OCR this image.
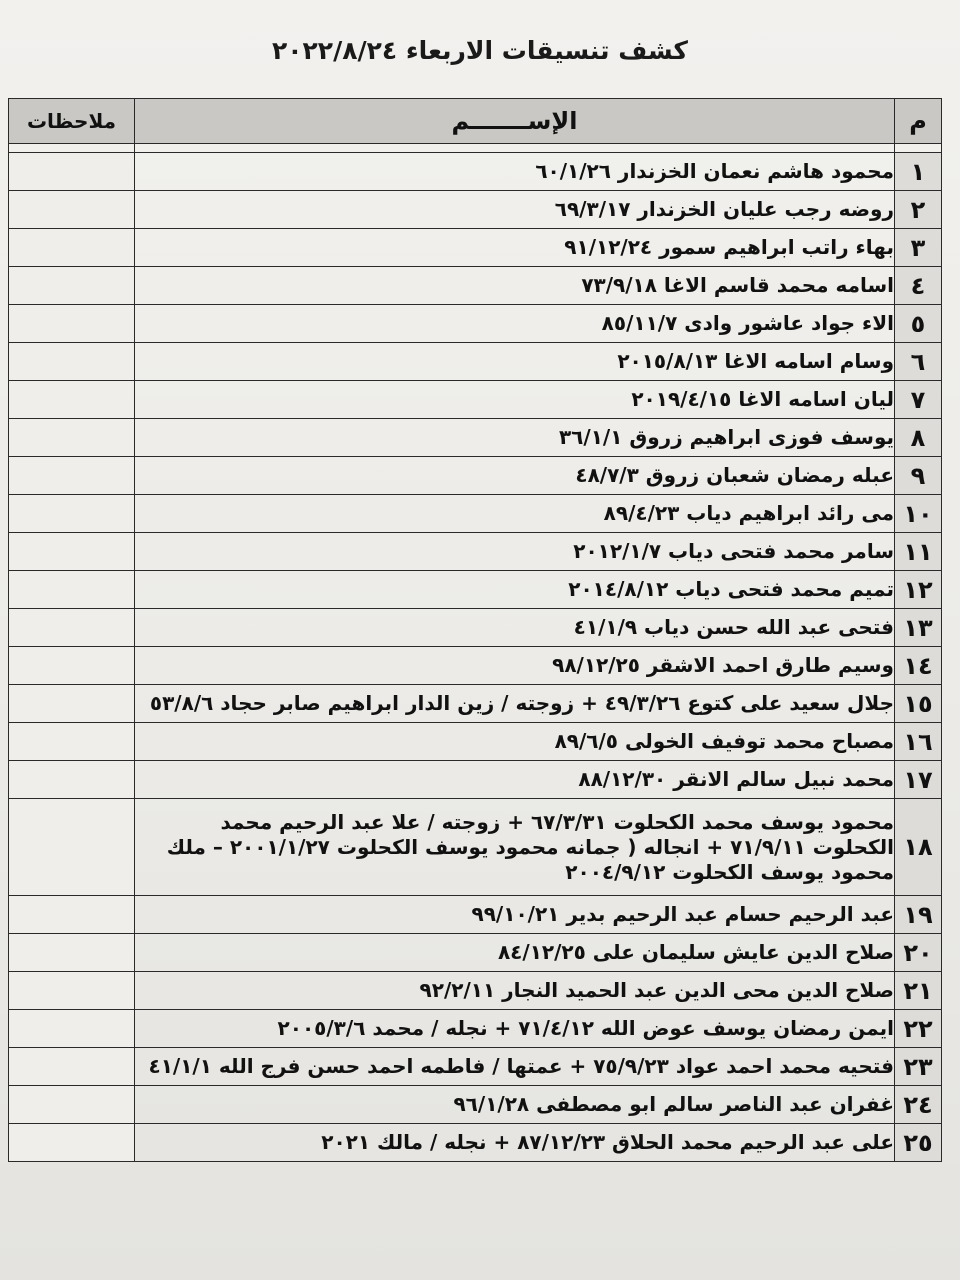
كشف تنسيقات الاربعاء ٢٠٢٢/٨/٢٤
م	الإســـــــم	ملاحظات

١	محمود هاشم نعمان الخزندار ٦٠/١/٢٦	
٢	روضه رجب عليان الخزندار ٦٩/٣/١٧	
٣	بهاء راتب ابراهيم سمور ٩١/١٢/٢٤	
٤	اسامه محمد قاسم الاغا ٧٣/٩/١٨	
٥	الاء جواد عاشور وادى ٨٥/١١/٧	
٦	وسام اسامه الاغا ٢٠١٥/٨/١٣	
٧	ليان اسامه الاغا ٢٠١٩/٤/١٥	
٨	يوسف فوزى ابراهيم زروق ٣٦/١/١	
٩	عبله رمضان شعبان زروق ٤٨/٧/٣	
١٠	مى رائد ابراهيم دياب ٨٩/٤/٢٣	
١١	سامر محمد فتحى دياب ٢٠١٢/١/٧	
١٢	تميم محمد فتحى دياب ٢٠١٤/٨/١٢	
١٣	فتحى عبد الله حسن دياب ٤١/١/٩	
١٤	وسيم طارق احمد الاشقر ٩٨/١٢/٢٥	
١٥	جلال سعيد على كتوع ٤٩/٣/٢٦ + زوجته / زين الدار ابراهيم صابر حجاد ٥٣/٨/٦	
١٦	مصباح محمد توفيف الخولى ٨٩/٦/٥	
١٧	محمد نبيل سالم الانقر ٨٨/١٢/٣٠	
١٨	محمود يوسف محمد الكحلوت ٦٧/٣/٣١ + زوجته / علا عبد الرحيم محمد الكحلوت ٧١/٩/١١ + انجاله ( جمانه محمود يوسف الكحلوت ٢٠٠١/١/٢٧ – ملك محمود يوسف الكحلوت ٢٠٠٤/٩/١٢	
١٩	عبد الرحيم حسام عبد الرحيم بدير ٩٩/١٠/٢١	
٢٠	صلاح الدين عايش سليمان على ٨٤/١٢/٢٥	
٢١	صلاح الدين محى الدين عبد الحميد النجار ٩٢/٢/١١	
٢٢	ايمن رمضان يوسف عوض الله ٧١/٤/١٢ + نجله / محمد ٢٠٠٥/٣/٦	
٢٣	فتحيه محمد احمد عواد ٧٥/٩/٢٣ + عمتها / فاطمه احمد حسن فرج الله ٤١/١/١	
٢٤	غفران عبد الناصر سالم ابو مصطفى ٩٦/١/٢٨	
٢٥	على عبد الرحيم محمد الحلاق ٨٧/١٢/٢٣ + نجله / مالك ٢٠٢١	
